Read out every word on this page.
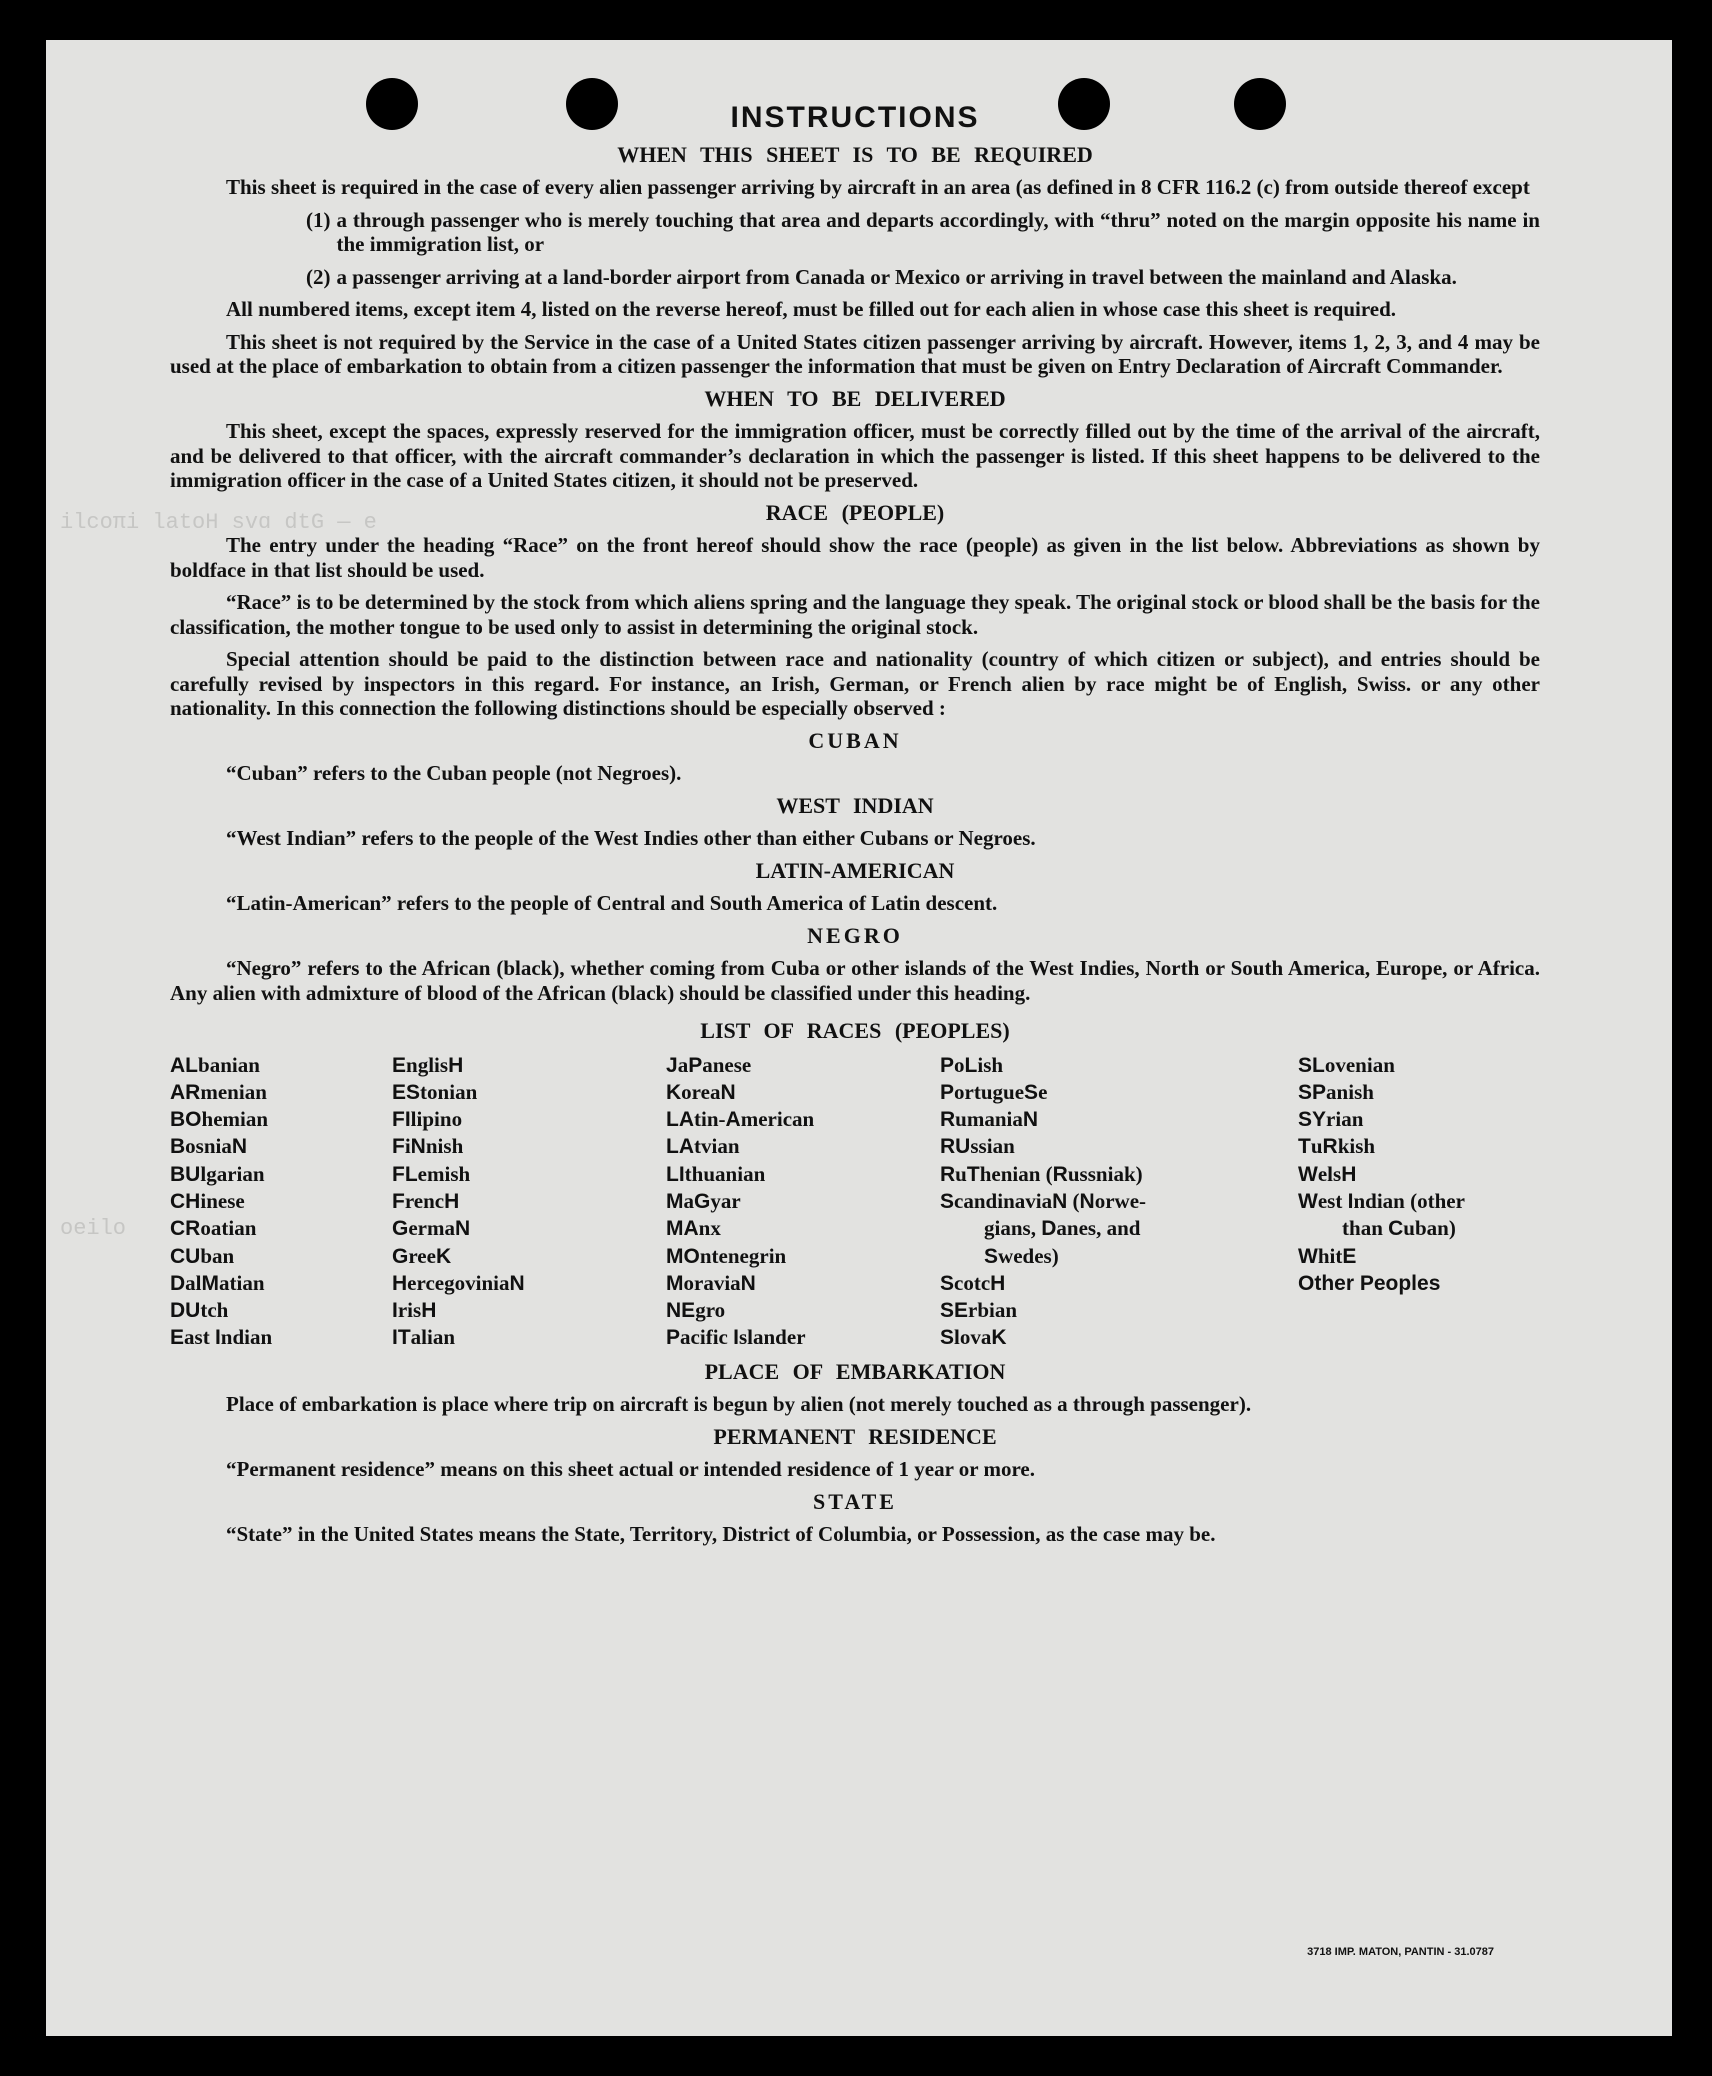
ilcoπi latoH svɑ dtG — e
oeilo
INSTRUCTIONS
WHEN THIS SHEET IS TO BE REQUIRED

This sheet is required in the case of every alien passenger arriving by aircraft in an area (as defined in 8 CFR 116.2 (c) from outside thereof except

(1) a through passenger who is merely touching that area and departs accordingly, with “thru” noted on the margin opposite his name in the immigration list, or
(2) a passenger arriving at a land-border airport from Canada or Mexico or arriving in travel between the mainland and Alaska.

All numbered items, except item 4, listed on the reverse hereof, must be filled out for each alien in whose case this sheet is required.

This sheet is not required by the Service in the case of a United States citizen passenger arriving by aircraft. However, items 1, 2, 3, and 4 may be used at the place of embarkation to obtain from a citizen passenger the information that must be given on Entry Declaration of Aircraft Commander.

WHEN TO BE DELIVERED

This sheet, except the spaces, expressly reserved for the immigration officer, must be correctly filled out by the time of the arrival of the aircraft, and be delivered to that officer, with the aircraft commander’s declaration in which the passenger is listed. If this sheet happens to be delivered to the immigration officer in the case of a United States citizen, it should not be preserved.

RACE (PEOPLE)

The entry under the heading “Race” on the front hereof should show the race (people) as given in the list below. Abbreviations as shown by boldface in that list should be used.

“Race” is to be determined by the stock from which aliens spring and the language they speak. The original stock or blood shall be the basis for the classification, the mother tongue to be used only to assist in determining the original stock.

Special attention should be paid to the distinction between race and nationality (country of which citizen or subject), and entries should be carefully revised by inspectors in this regard. For instance, an Irish, German, or French alien by race might be of English, Swiss. or any other nationality. In this connection the following distinctions should be especially observed :

CUBAN

“Cuban” refers to the Cuban people (not Negroes).

WEST INDIAN

“West Indian” refers to the people of the West Indies other than either Cubans or Negroes.

LATIN-AMERICAN

“Latin-American” refers to the people of Central and South America of Latin descent.

NEGRO

“Negro” refers to the African (black), whether coming from Cuba or other islands of the West Indies, North or South America, Europe, or Africa. Any alien with admixture of blood of the African (black) should be classified under this heading.

LIST OF RACES (PEOPLES)
ALbanian
ARmenian
BOhemian
BosniaN
BUlgarian
CHinese
CRoatian
CUban
DalMatian
DUtch
East Indian
EnglisH
EStonian
FIlipino
FiNnish
FLemish
FrencH
GermaN
GreeK
HercegoviniaN
IrisH
ITalian
JaPanese
KoreaN
LAtin-American
LAtvian
LIthuanian
MaGyar
MAnx
MOntenegrin
MoraviaN
NEgro
Pacific Islander
PoLish
PortugueSe
RumaniaN
RUssian
RuThenian (Russniak)
ScandinaviaN (Norwe-
gians, Danes, and
Swedes)
ScotcH
SErbian
SlovaK
SLovenian
SPanish
SYrian
TuRkish
WelsH
West Indian (other
than Cuban)
WhitE
Other Peoples
PLACE OF EMBARKATION

Place of embarkation is place where trip on aircraft is begun by alien (not merely touched as a through passenger).

PERMANENT RESIDENCE

“Permanent residence” means on this sheet actual or intended residence of 1 year or more.

STATE

“State” in the United States means the State, Territory, District of Columbia, or Possession, as the case may be.

3718 IMP. MATON, PANTIN - 31.0787
